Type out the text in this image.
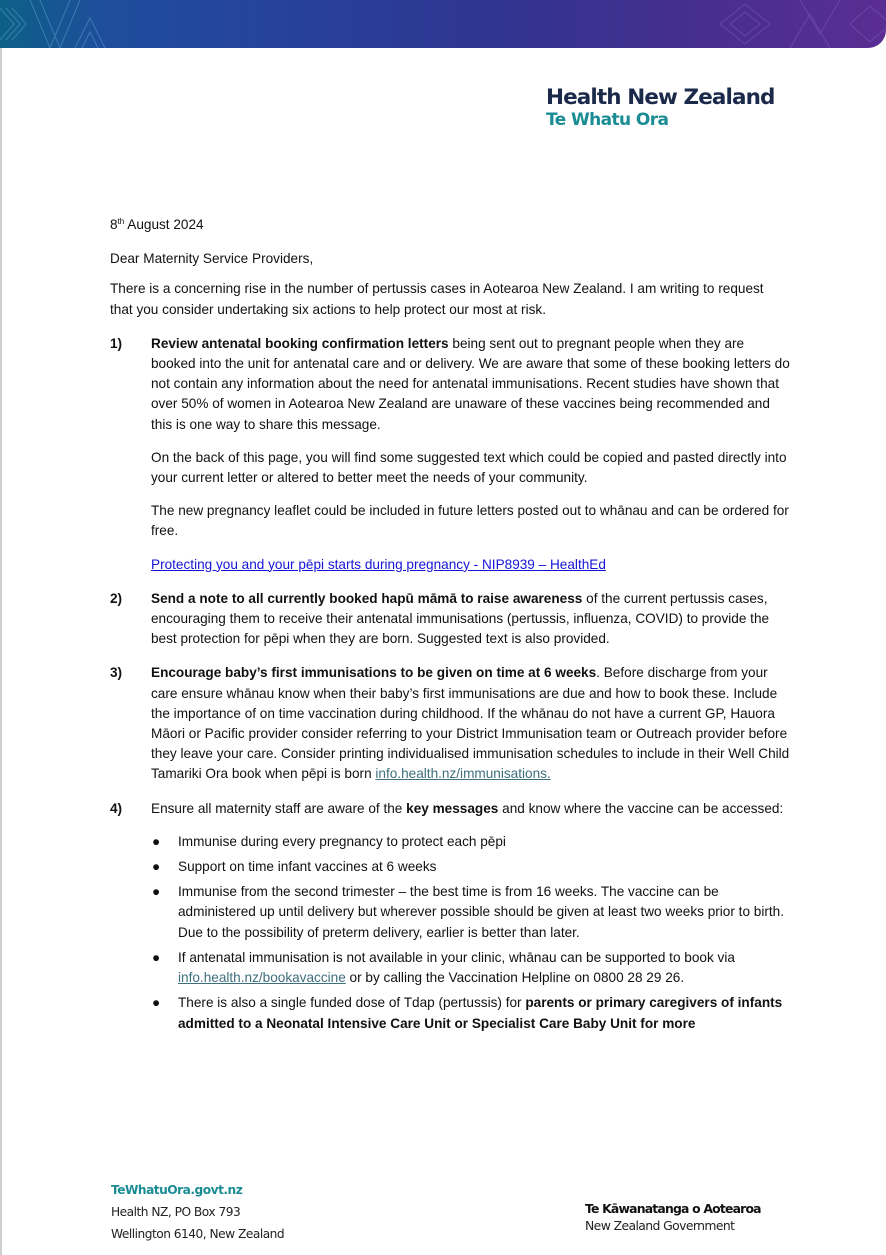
Health New Zealand
Te Whatu Ora

8th August 2024

Dear Maternity Service Providers,

There is a concerning rise in the number of pertussis cases in Aotearoa New Zealand. I am writing to request that you consider undertaking six actions to help protect our most at risk.

1) Review antenatal booking confirmation letters being sent out to pregnant people when they are booked into the unit for antenatal care and or delivery. We are aware that some of these booking letters do not contain any information about the need for antenatal immunisations. Recent studies have shown that over 50% of women in Aotearoa New Zealand are unaware of these vaccines being recommended and this is one way to share this message.

On the back of this page, you will find some suggested text which could be copied and pasted directly into your current letter or altered to better meet the needs of your community.

The new pregnancy leaflet could be included in future letters posted out to whānau and can be ordered for free.

Protecting you and your pēpi starts during pregnancy - NIP8939 – HealthEd

2) Send a note to all currently booked hapū māmā to raise awareness of the current pertussis cases, encouraging them to receive their antenatal immunisations (pertussis, influenza, COVID) to provide the best protection for pēpi when they are born. Suggested text is also provided.

3) Encourage baby’s first immunisations to be given on time at 6 weeks. Before discharge from your care ensure whānau know when their baby’s first immunisations are due and how to book these. Include the importance of on time vaccination during childhood. If the whānau do not have a current GP, Hauora Māori or Pacific provider consider referring to your District Immunisation team or Outreach provider before they leave your care. Consider printing individualised immunisation schedules to include in their Well Child Tamariki Ora book when pēpi is born info.health.nz/immunisations.

4) Ensure all maternity staff are aware of the key messages and know where the vaccine can be accessed:

● Immunise during every pregnancy to protect each pēpi
● Support on time infant vaccines at 6 weeks
● Immunise from the second trimester – the best time is from 16 weeks. The vaccine can be administered up until delivery but wherever possible should be given at least two weeks prior to birth. Due to the possibility of preterm delivery, earlier is better than later.
● If antenatal immunisation is not available in your clinic, whānau can be supported to book via info.health.nz/bookavaccine or by calling the Vaccination Helpline on 0800 28 29 26.
● There is also a single funded dose of Tdap (pertussis) for parents or primary caregivers of infants admitted to a Neonatal Intensive Care Unit or Specialist Care Baby Unit for more
TeWhatuOra.govt.nz
Health NZ, PO Box 793
Wellington 6140, New Zealand
Te Kāwanatanga o Aotearoa
New Zealand Government
